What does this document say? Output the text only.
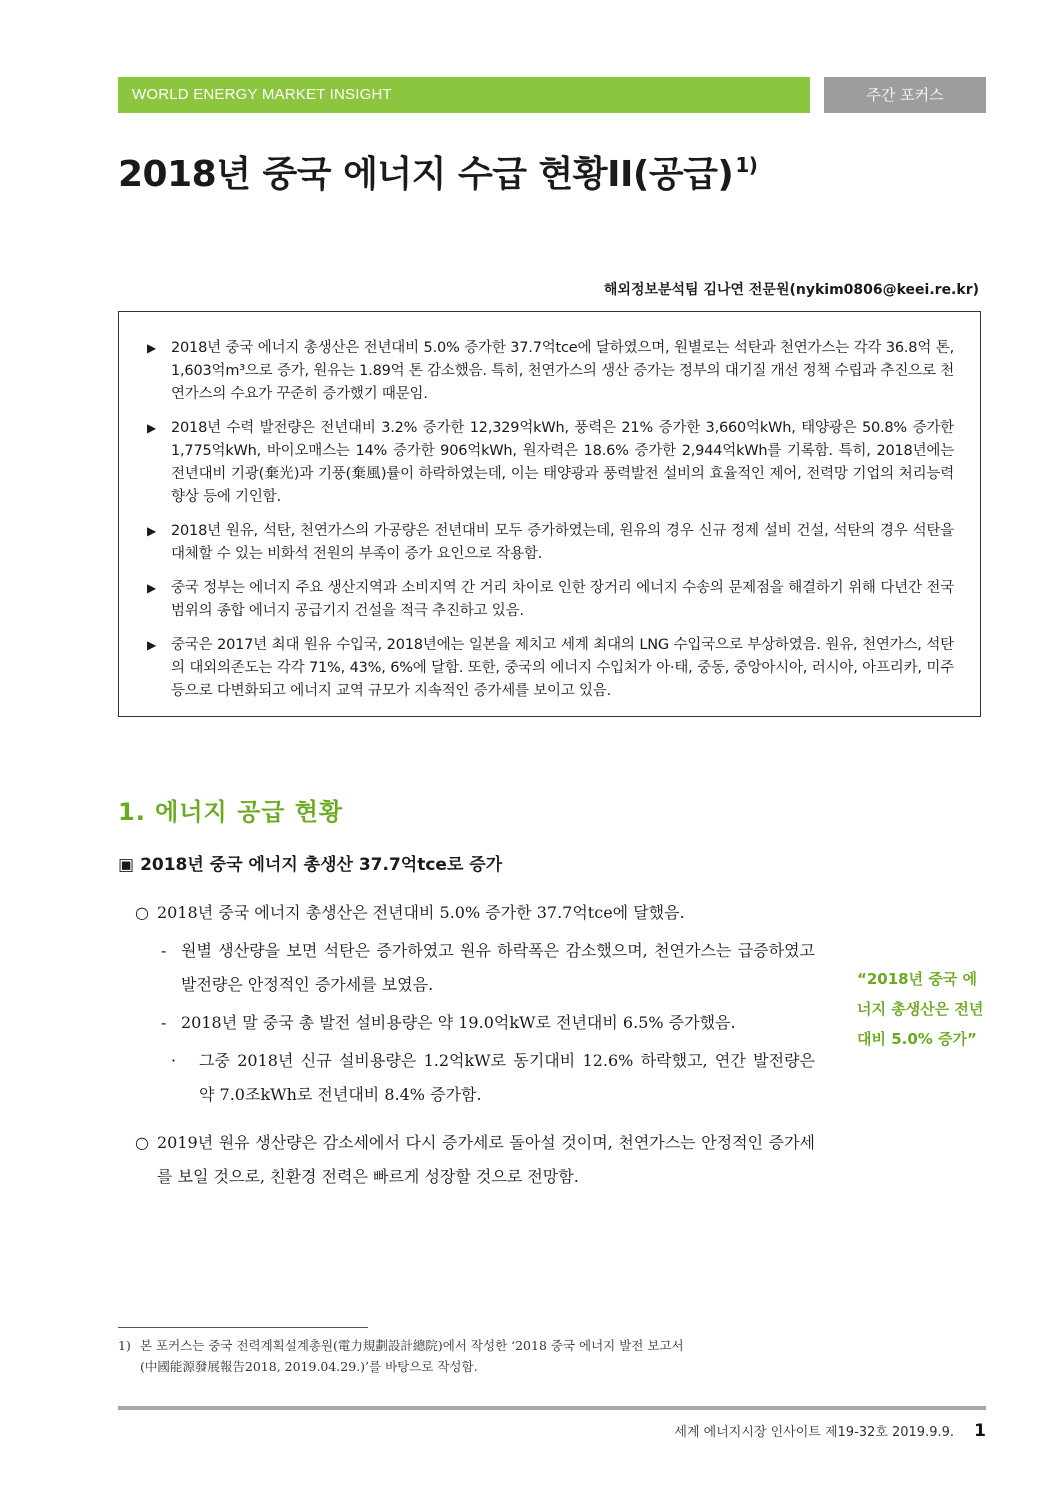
WORLD ENERGY MARKET INSIGHT	주간 포커스
2018년 중국 에너지 수급 현황II(공급) $^{1)}$
해외정보분석팀 김나연 전문원(nykim0806@keei.re.kr)
▶ 2018년 중국 에너지 총생산은 전년대비 5.0% 증가한 37.7억tce에 달하였으며, 원별로는 석탄과 천연가스는 각각 36.8억 톤, 1,603억m³으로 증가, 원유는 1.89억 톤 감소했음. 특히, 천연가스의 생산 증가는 정부의 대기질 개선 정책 수립과 추진으로 천연가스의 수요가 꾸준히 증가했기 때문임.
▶ 2018년 수력 발전량은 전년대비 3.2% 증가한 12,329억kWh, 풍력은 21% 증가한 3,660억kWh, 태양광은 50.8% 증가한 1,775억kWh, 바이오매스는 14% 증가한 906억kWh, 원자력은 18.6% 증가한 2,944억kWh를 기록함. 특히, 2018년에는 전년대비 기광(棄光)과 기풍(棄風)률이 하락하였는데, 이는 태양광과 풍력발전 설비의 효율적인 제어, 전력망 기업의 처리능력 향상 등에 기인함.
▶ 2018년 원유, 석탄, 천연가스의 가공량은 전년대비 모두 증가하였는데, 원유의 경우 신규 정제 설비 건설, 석탄의 경우 석탄을 대체할 수 있는 비화석 전원의 부족이 증가 요인으로 작용함.
▶ 중국 정부는 에너지 주요 생산지역과 소비지역 간 거리 차이로 인한 장거리 에너지 수송의 문제점을 해결하기 위해 다년간 전국 범위의 종합 에너지 공급기지 건설을 적극 추진하고 있음.
▶ 중국은 2017년 최대 원유 수입국, 2018년에는 일본을 제치고 세계 최대의 LNG 수입국으로 부상하였음. 원유, 천연가스, 석탄의 대외의존도는 각각 71%, 43%, 6%에 달함. 또한, 중국의 에너지 수입처가 아·태, 중동, 중앙아시아, 러시아, 아프리카, 미주 등으로 다변화되고 에너지 교역 규모가 지속적인 증가세를 보이고 있음.
1. 에너지 공급 현황
▣ 2018년 중국 에너지 총생산 37.7억tce로 증가
○ 2018년 중국 에너지 총생산은 전년대비 5.0% 증가한 37.7억tce에 달했음.
- 원별 생산량을 보면 석탄은 증가하였고 원유 하락폭은 감소했으며, 천연가스는 급증하였고 발전량은 안정적인 증가세를 보였음.
- 2018년 말 중국 총 발전 설비용량은 약 19.0억kW로 전년대비 6.5% 증가했음.
· 그중 2018년 신규 설비용량은 1.2억kW로 동기대비 12.6% 하락했고, 연간 발전량은 약 7.0조kWh로 전년대비 8.4% 증가함.
○ 2019년 원유 생산량은 감소세에서 다시 증가세로 돌아설 것이며, 천연가스는 안정적인 증가세를 보일 것으로, 친환경 전력은 빠르게 성장할 것으로 전망함.
“2018년 중국 에너지 총생산은 전년대비 5.0% 증가”
1) 본 포커스는 중국 전력계획설계총원(電力規劃設計總院)에서 작성한 ‘2018 중국 에너지 발전 보고서
(中國能源發展報告2018, 2019.04.29.)’를 바탕으로 작성함.
세계 에너지시장 인사이트 제19-32호 2019.9.9. 1
